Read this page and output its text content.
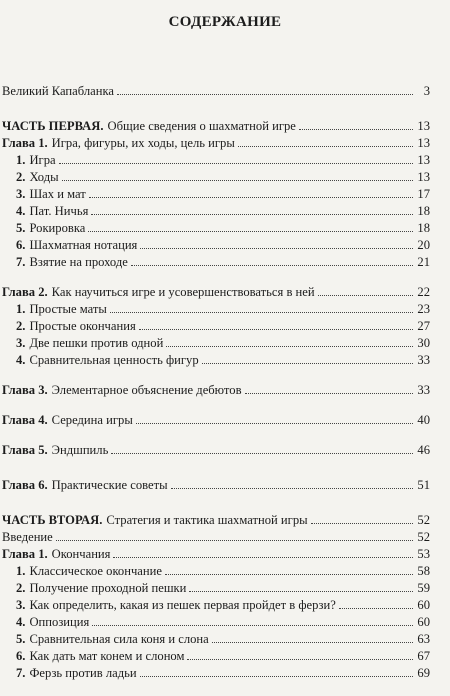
СОДЕРЖАНИЕ
Великий Капабланка	3
ЧАСТЬ ПЕРВАЯ. Общие сведения о шахматной игре	13
Глава 1. Игра, фигуры, их ходы, цель игры	13
1. Игра	13
2. Ходы	13
3. Шах и мат	17
4. Пат. Ничья	18
5. Рокировка	18
6. Шахматная нотация	20
7. Взятие на проходе	21
Глава 2. Как научиться игре и усовершенствоваться в ней	22
1. Простые маты	23
2. Простые окончания	27
3. Две пешки против одной	30
4. Сравнительная ценность фигур	33
Глава 3. Элементарное объяснение дебютов	33
Глава 4. Середина игры	40
Глава 5. Эндшпиль	46
Глава 6. Практические советы	51
ЧАСТЬ ВТОРАЯ. Стратегия и тактика шахматной игры	52
Введение	52
Глава 1. Окончания	53
1. Классическое окончание	58
2. Получение проходной пешки	59
3. Как определить, какая из пешек первая пройдет в ферзи?	60
4. Оппозиция	60
5. Сравнительная сила коня и слона	63
6. Как дать мат конем и слоном	67
7. Ферзь против ладьи	69
